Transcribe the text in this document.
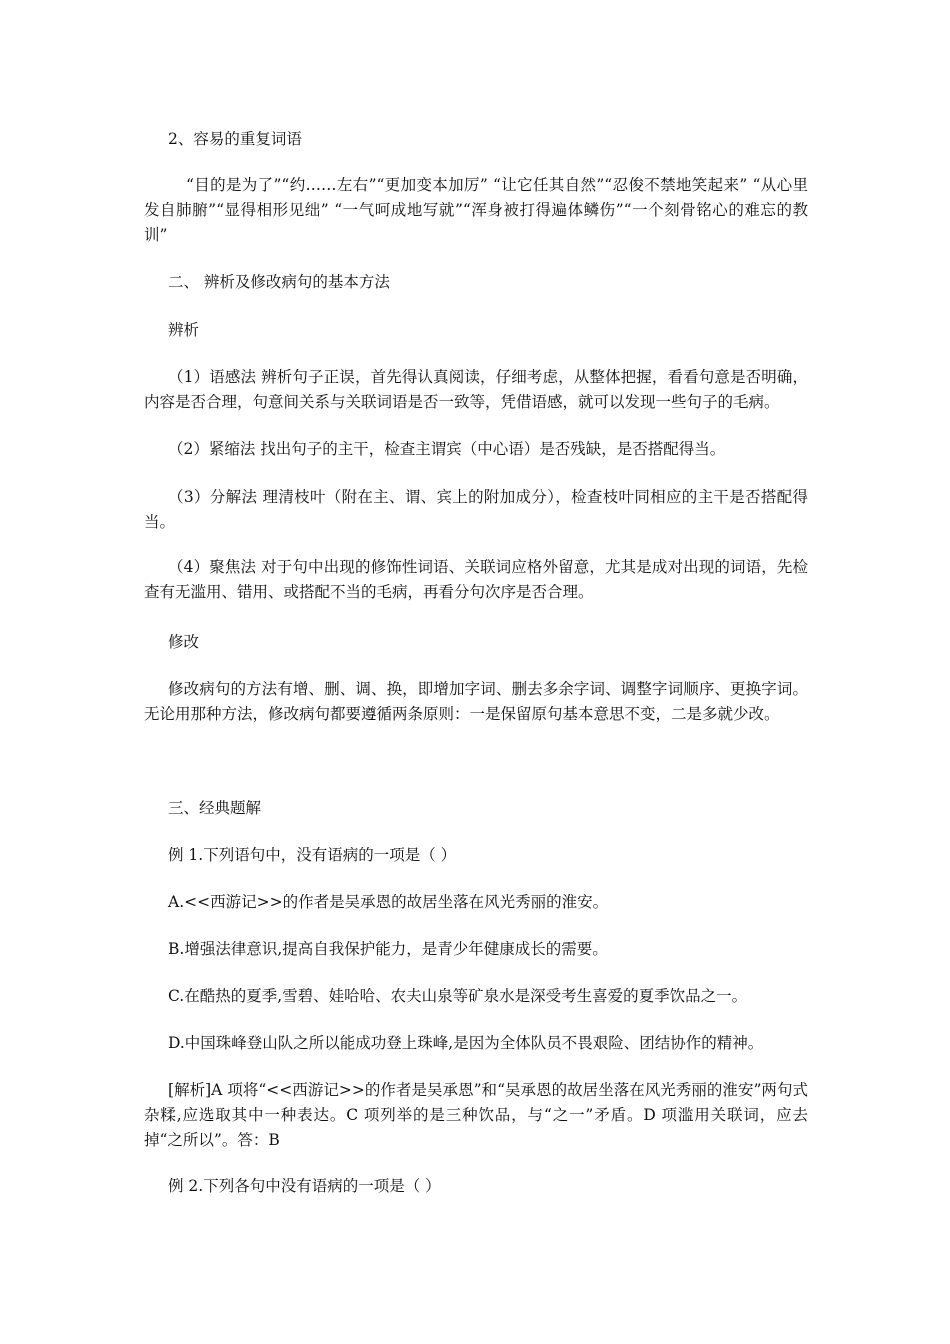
2、容易的重复词语
“目的是为了”“约……左右”“更加变本加厉” “让它任其自然”“忍俊不禁地笑起来” “从心里发自肺腑”“显得相形见绌” “一气呵成地写就”“浑身被打得遍体鳞伤”“一个刻骨铭心的难忘的教训”
二、 辨析及修改病句的基本方法
辨析
（1）语感法 辨析句子正误，首先得认真阅读，仔细考虑，从整体把握，看看句意是否明确，内容是否合理，句意间关系与关联词语是否一致等，凭借语感，就可以发现一些句子的毛病。
（2）紧缩法 找出句子的主干，检查主谓宾（中心语）是否残缺，是否搭配得当。
（3）分解法 理清枝叶（附在主、谓、宾上的附加成分），检查枝叶同相应的主干是否搭配得当。
（4）聚焦法 对于句中出现的修饰性词语、关联词应格外留意，尤其是成对出现的词语，先检查有无滥用、错用、或搭配不当的毛病，再看分句次序是否合理。
修改
修改病句的方法有增、删、调、换，即增加字词、删去多余字词、调整字词顺序、更换字词。无论用那种方法，修改病句都要遵循两条原则：一是保留原句基本意思不变，二是多就少改。
三、经典题解
例 1.下列语句中，没有语病的一项是（ ）
A.<<西游记>>的作者是吴承恩的故居坐落在风光秀丽的淮安。
B.增强法律意识,提高自我保护能力，是青少年健康成长的需要。
C.在酷热的夏季,雪碧、娃哈哈、农夫山泉等矿泉水是深受考生喜爱的夏季饮品之一。
D.中国珠峰登山队之所以能成功登上珠峰,是因为全体队员不畏艰险、团结协作的精神。
[解析]A 项将“<<西游记>>的作者是吴承恩”和“吴承恩的故居坐落在风光秀丽的淮安”两句式杂糅,应选取其中一种表达。C 项列举的是三种饮品，与“之一”矛盾。D 项滥用关联词，应去掉“之所以”。答：B
例 2.下列各句中没有语病的一项是（ ）
